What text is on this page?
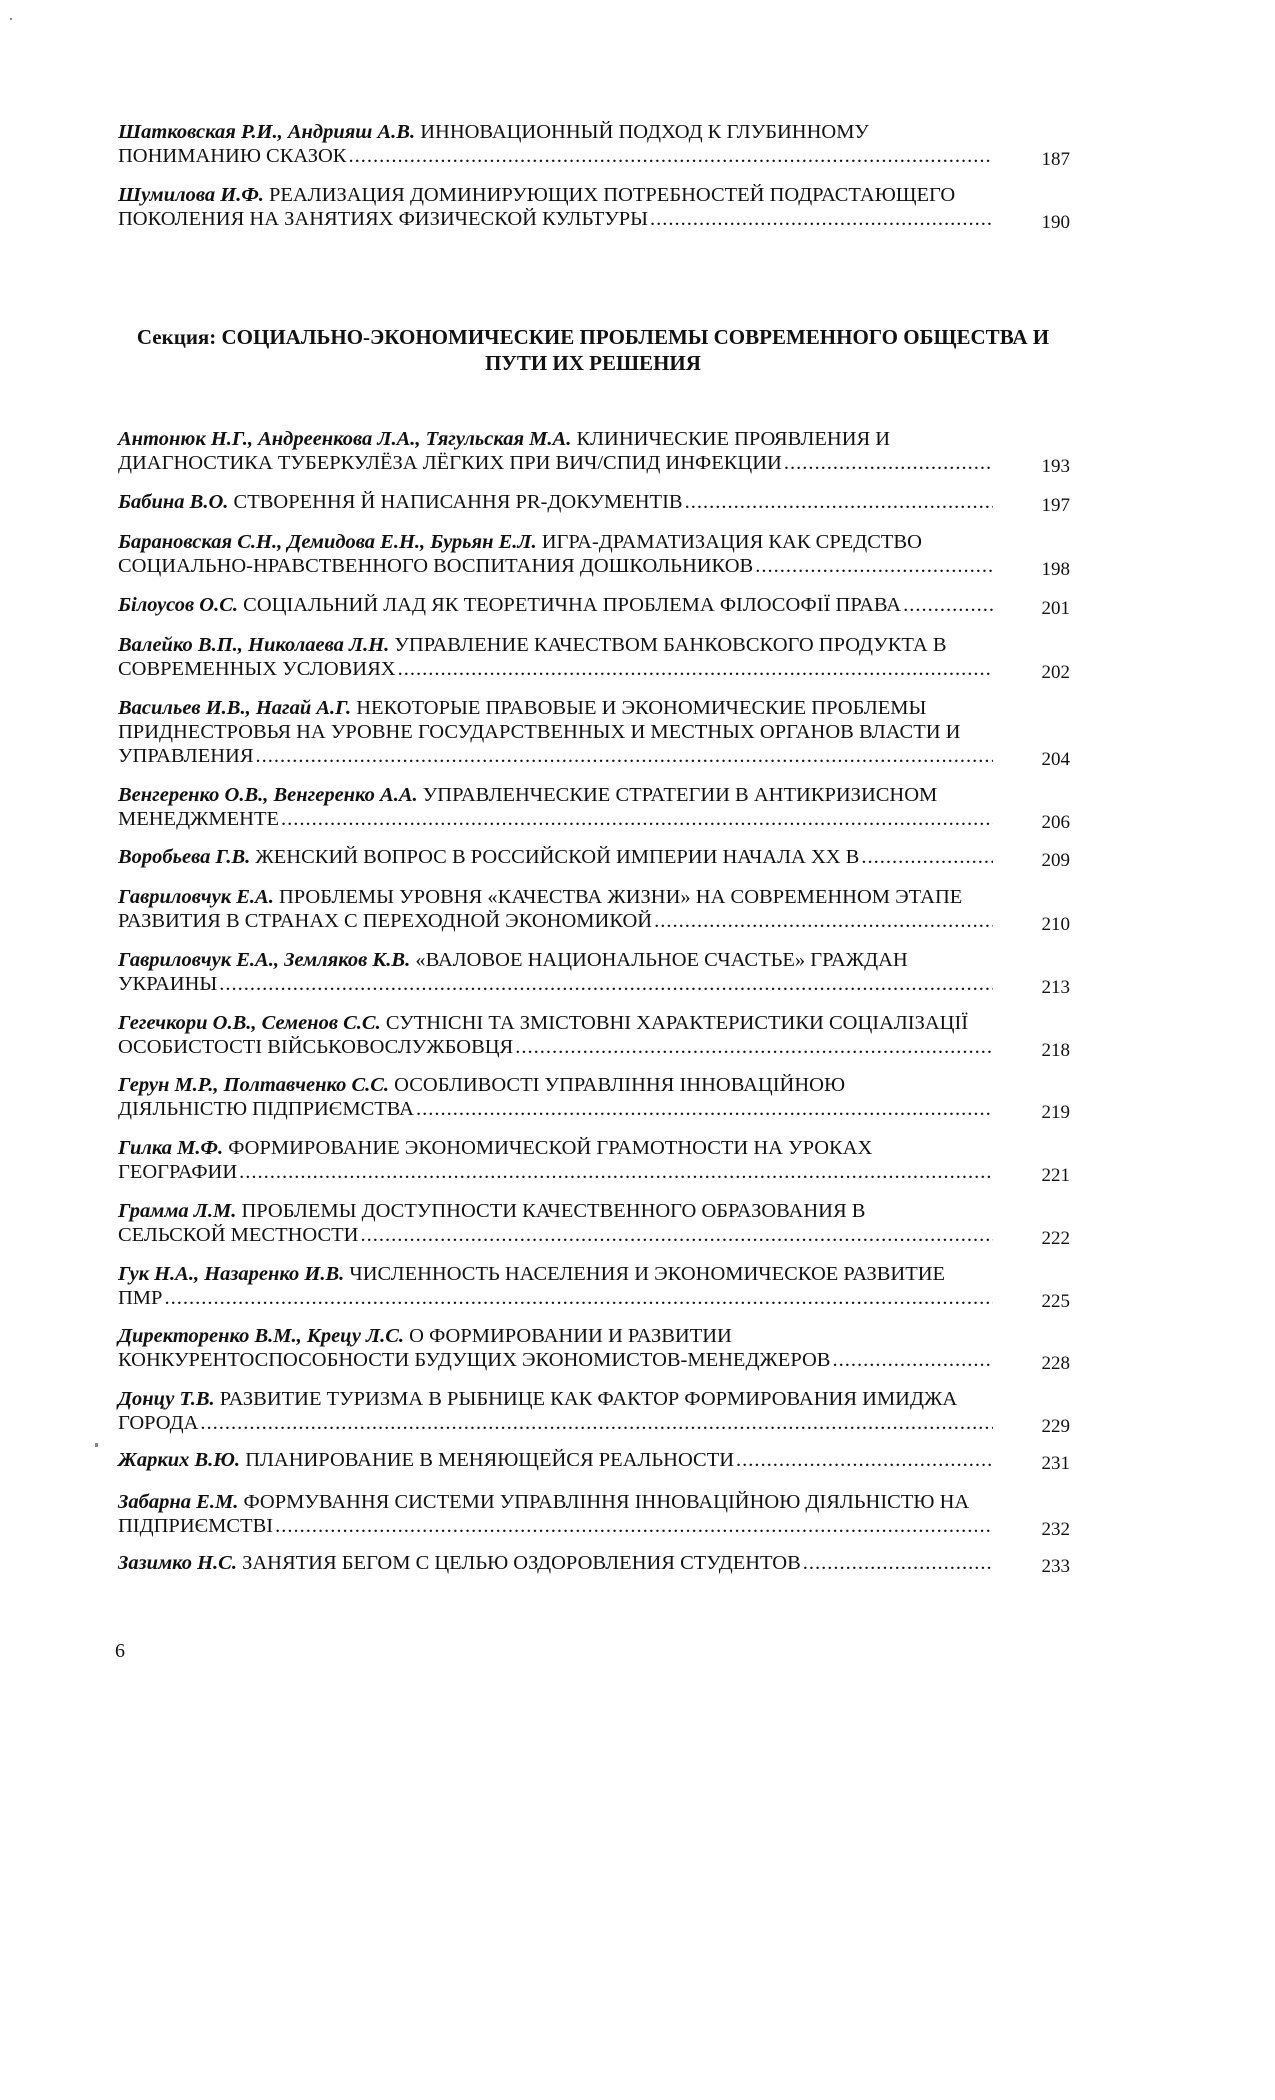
Шатковская Р.И., Андрияш А.В. ИННОВАЦИОННЫЙ ПОДХОД К ГЛУБИННОМУ
ПОНИМАНИЮ СКАЗОК .....	187
Шумилова И.Ф. РЕАЛИЗАЦИЯ ДОМИНИРУЮЩИХ ПОТРЕБНОСТЕЙ ПОДРАСТАЮЩЕГО
ПОКОЛЕНИЯ НА ЗАНЯТИЯХ ФИЗИЧЕСКОЙ КУЛЬТУРЫ .....	190
Секция: СОЦИАЛЬНО-ЭКОНОМИЧЕСКИЕ ПРОБЛЕМЫ СОВРЕМЕННОГО ОБЩЕСТВА И
ПУТИ ИХ РЕШЕНИЯ
Антонюк Н.Г., Андреенкова Л.А., Тягульская М.А. КЛИНИЧЕСКИЕ ПРОЯВЛЕНИЯ И
ДИАГНОСТИКА ТУБЕРКУЛЁЗА ЛЁГКИХ ПРИ ВИЧ/СПИД ИНФЕКЦИИ .....	193
Бабина В.О. СТВОРЕННЯ Й НАПИСАННЯ PR-ДОКУМЕНТІВ .....	197
Барановская С.Н., Демидова Е.Н., Бурьян Е.Л. ИГРА-ДРАМАТИЗАЦИЯ КАК СРЕДСТВО
СОЦИАЛЬНО-НРАВСТВЕННОГО ВОСПИТАНИЯ ДОШКОЛЬНИКОВ .....	198
Білоусов О.С. СОЦІАЛЬНИЙ ЛАД ЯК ТЕОРЕТИЧНА ПРОБЛЕМА ФІЛОСОФІЇ ПРАВА .....	201
Валейко В.П., Николаева Л.Н. УПРАВЛЕНИЕ КАЧЕСТВОМ БАНКОВСКОГО ПРОДУКТА В
СОВРЕМЕННЫХ УСЛОВИЯХ .....	202
Васильев И.В., Нагай А.Г. НЕКОТОРЫЕ ПРАВОВЫЕ И ЭКОНОМИЧЕСКИЕ ПРОБЛЕМЫ
ПРИДНЕСТРОВЬЯ НА УРОВНЕ ГОСУДАРСТВЕННЫХ И МЕСТНЫХ ОРГАНОВ ВЛАСТИ И
УПРАВЛЕНИЯ .....	204
Венгеренко О.В., Венгеренко А.А. УПРАВЛЕНЧЕСКИЕ СТРАТЕГИИ В АНТИКРИЗИСНОМ
МЕНЕДЖМЕНТЕ .....	206
Воробьева Г.В. ЖЕНСКИЙ ВОПРОС В РОССИЙСКОЙ ИМПЕРИИ НАЧАЛА ХХ В .....	209
Гавриловчук Е.А. ПРОБЛЕМЫ УРОВНЯ «КАЧЕСТВА ЖИЗНИ» НА СОВРЕМЕННОМ ЭТАПЕ
РАЗВИТИЯ В СТРАНАХ С ПЕРЕХОДНОЙ ЭКОНОМИКОЙ .....	210
Гавриловчук Е.А., Земляков К.В. «ВАЛОВОЕ НАЦИОНАЛЬНОЕ СЧАСТЬЕ» ГРАЖДАН
УКРАИНЫ .....	213
Гегечкори О.В., Семенов С.С. СУТНІСНІ ТА ЗМІСТОВНІ ХАРАКТЕРИСТИКИ СОЦІАЛІЗАЦІЇ
ОСОБИСТОСТІ ВІЙСЬКОВОСЛУЖБОВЦЯ .....	218
Герун М.Р., Полтавченко С.С. ОСОБЛИВОСТІ УПРАВЛІННЯ ІННОВАЦІЙНОЮ
ДІЯЛЬНІСТЮ ПІДПРИЄМСТВА .....	219
Гилка М.Ф. ФОРМИРОВАНИЕ ЭКОНОМИЧЕСКОЙ ГРАМОТНОСТИ НА УРОКАХ
ГЕОГРАФИИ .....	221
Грамма Л.М. ПРОБЛЕМЫ ДОСТУПНОСТИ КАЧЕСТВЕННОГО ОБРАЗОВАНИЯ В
СЕЛЬСКОЙ МЕСТНОСТИ .....	222
Гук Н.А., Назаренко И.В. ЧИСЛЕННОСТЬ НАСЕЛЕНИЯ И ЭКОНОМИЧЕСКОЕ РАЗВИТИЕ
ПМР .....	225
Директоренко В.М., Крецу Л.С. О ФОРМИРОВАНИИ И РАЗВИТИИ
КОНКУРЕНТОСПОСОБНОСТИ БУДУЩИХ ЭКОНОМИСТОВ-МЕНЕДЖЕРОВ .....	228
Донцу Т.В. РАЗВИТИЕ ТУРИЗМА В РЫБНИЦЕ КАК ФАКТОР ФОРМИРОВАНИЯ ИМИДЖА
ГОРОДА .....	229
Жарких В.Ю. ПЛАНИРОВАНИЕ В МЕНЯЮЩЕЙСЯ РЕАЛЬНОСТИ .....	231
Забарна Е.М. ФОРМУВАННЯ СИСТЕМИ УПРАВЛІННЯ ІННОВАЦІЙНОЮ ДІЯЛЬНІСТЮ НА
ПІДПРИЄМСТВІ .....	232
Зазимко Н.С. ЗАНЯТИЯ БЕГОМ С ЦЕЛЬЮ ОЗДОРОВЛЕНИЯ СТУДЕНТОВ .....	233
6
